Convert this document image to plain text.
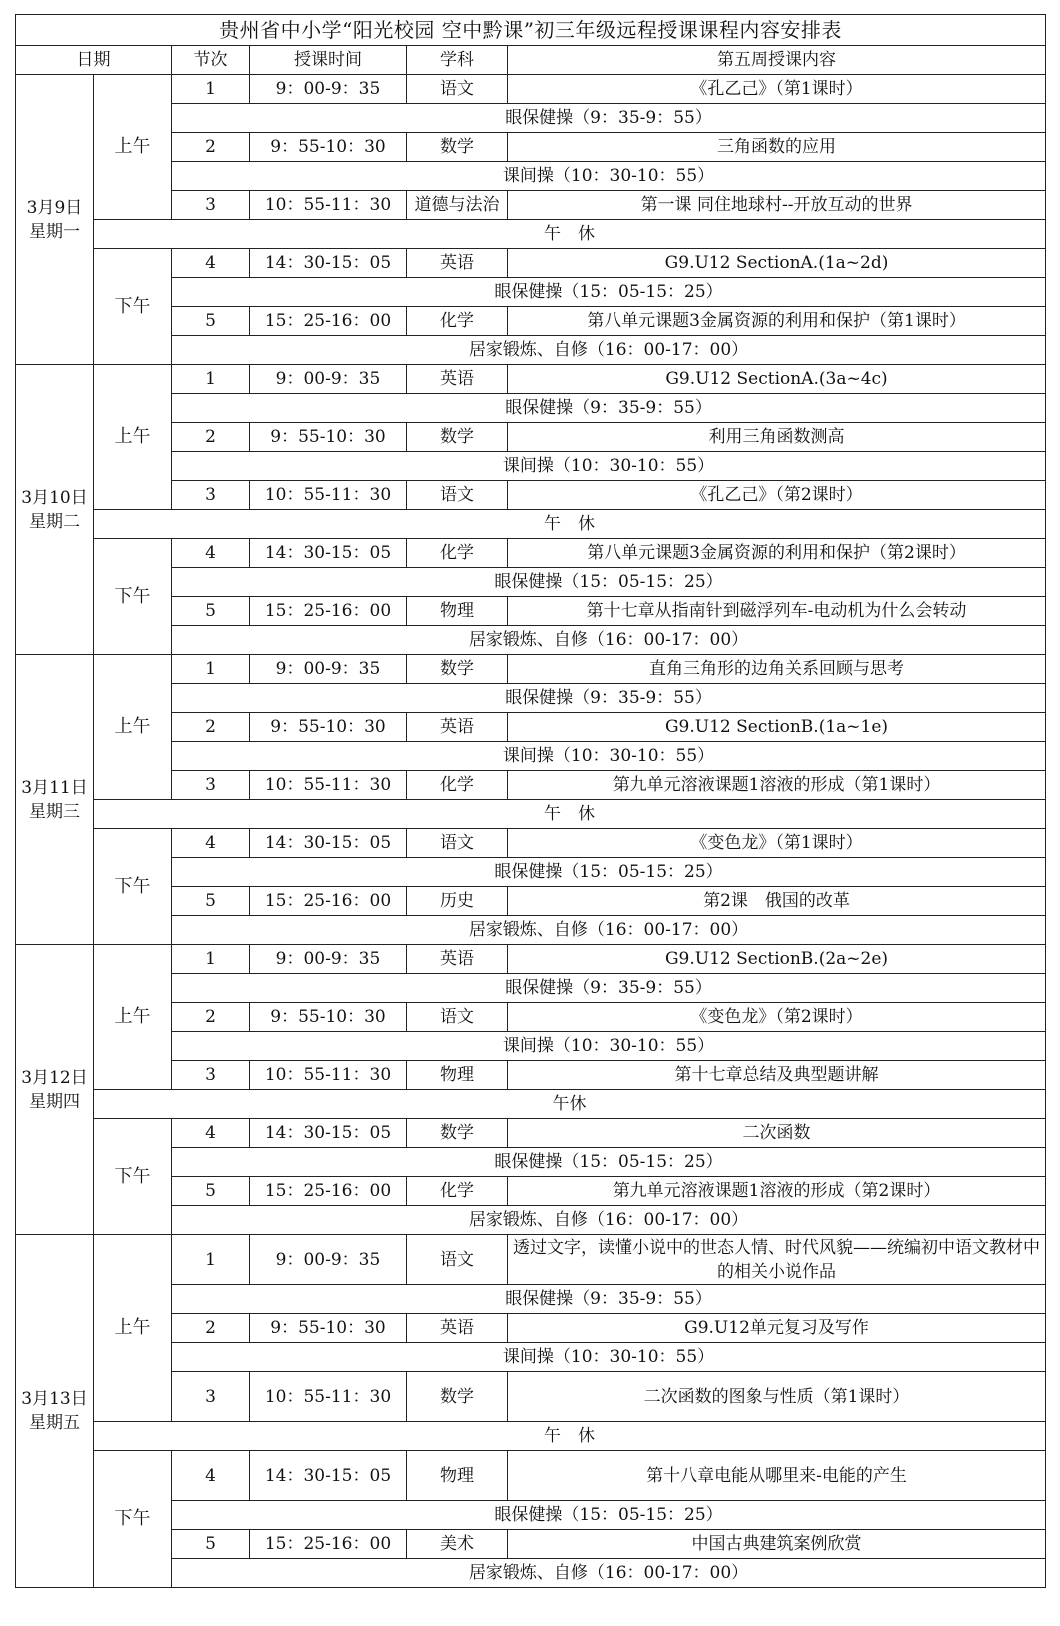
贵州省中小学“阳光校园 空中黔课”初三年级远程授课课程内容安排表					
日期		节次	授课时间	学科	第五周授课内容
3月9日
星期一	上午	1	9：00-9：35	语文	《孔乙己》（第1课时）
		眼保健操（9：35-9：55）			
		2	9：55-10：30	数学	三角函数的应用
		课间操（10：30-10：55）			
		3	10：55-11：30	道德与法治	第一课 同住地球村--开放互动的世界
	午　休				
	下午	4	14：30-15：05	英语	G9.U12 SectionA.(1a~2d)
		眼保健操（15：05-15：25）			
		5	15：25-16：00	化学	第八单元课题3金属资源的利用和保护（第1课时）
		居家锻炼、自修（16：00-17：00）			
3月10日
星期二	上午	1	9：00-9：35	英语	G9.U12 SectionA.(3a~4c)
		眼保健操（9：35-9：55）			
		2	9：55-10：30	数学	利用三角函数测高
		课间操（10：30-10：55）			
		3	10：55-11：30	语文	《孔乙己》（第2课时）
	午　休				
	下午	4	14：30-15：05	化学	第八单元课题3金属资源的利用和保护（第2课时）
		眼保健操（15：05-15：25）			
		5	15：25-16：00	物理	第十七章从指南针到磁浮列车-电动机为什么会转动
		居家锻炼、自修（16：00-17：00）			
3月11日
星期三	上午	1	9：00-9：35	数学	直角三角形的边角关系回顾与思考
		眼保健操（9：35-9：55）			
		2	9：55-10：30	英语	G9.U12 SectionB.(1a~1e)
		课间操（10：30-10：55）			
		3	10：55-11：30	化学	第九单元溶液课题1溶液的形成（第1课时）
	午　休				
	下午	4	14：30-15：05	语文	《变色龙》（第1课时）
		眼保健操（15：05-15：25）			
		5	15：25-16：00	历史	第2课　俄国的改革
		居家锻炼、自修（16：00-17：00）			
3月12日
星期四	上午	1	9：00-9：35	英语	G9.U12 SectionB.(2a~2e)
		眼保健操（9：35-9：55）			
		2	9：55-10：30	语文	《变色龙》（第2课时）
		课间操（10：30-10：55）			
		3	10：55-11：30	物理	第十七章总结及典型题讲解
	午休				
	下午	4	14：30-15：05	数学	二次函数
		眼保健操（15：05-15：25）			
		5	15：25-16：00	化学	第九单元溶液课题1溶液的形成（第2课时）
		居家锻炼、自修（16：00-17：00）			
3月13日
星期五	上午	1	9：00-9：35	语文	透过文字，读懂小说中的世态人情、时代风貌——统编初中语文教材中的相关小说作品
		眼保健操（9：35-9：55）			
		2	9：55-10：30	英语	G9.U12单元复习及写作
		课间操（10：30-10：55）			
		3	10：55-11：30	数学	二次函数的图象与性质（第1课时）
	午　休				
	下午	4	14：30-15：05	物理	第十八章电能从哪里来-电能的产生
		眼保健操（15：05-15：25）			
		5	15：25-16：00	美术	中国古典建筑案例欣赏
		居家锻炼、自修（16：00-17：00）			
